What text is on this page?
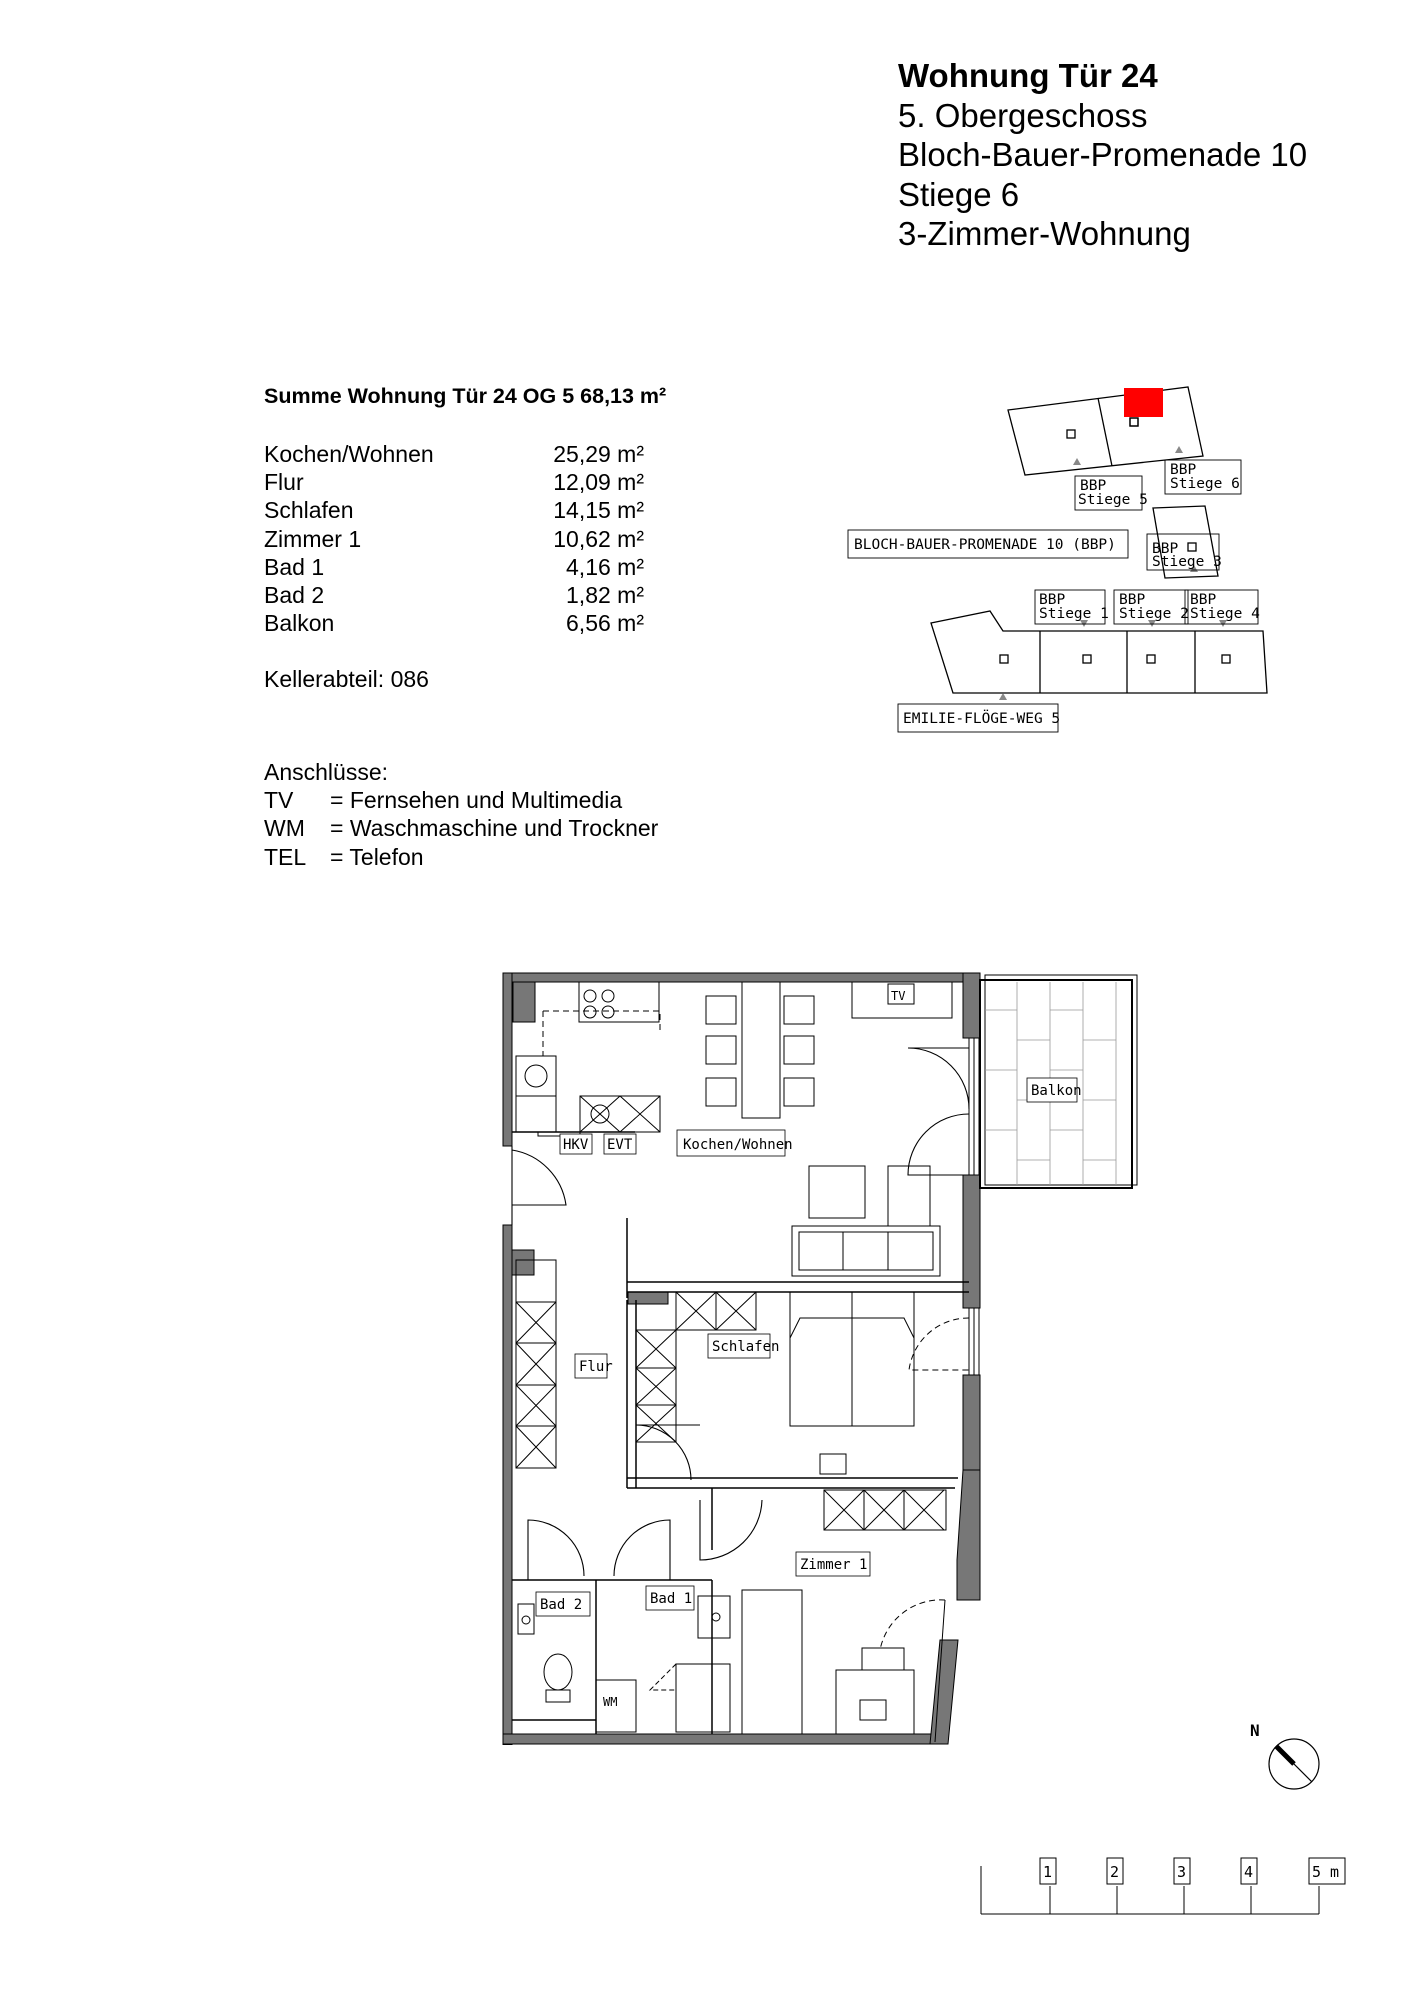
Wohnung Tür 24
5. Obergeschoss
Bloch-Bauer-Promenade 10
Stiege 6
3-Zimmer-Wohnung
Summe Wohnung Tür 24 OG 5 68,13 m²
Kochen/Wohnen	25,29 m²
Flur	12,09 m²
Schlafen	14,15 m²
Zimmer 1	10,62 m²
Bad 1	4,16 m²
Bad 2	1,82 m²
Balkon	6,56 m²
Kellerabteil: 086
Anschlüsse:
TV = Fernsehen und Multimedia
WM = Waschmaschine und Trockner
TEL = Telefon
BBP
Stiege 5
BBP
Stiege 6
BLOCH-BAUER-PROMENADE 10 (BBP) BBP
Stiege 3
BBP
Stiege 1
BBP
Stiege 2
BBP
Stiege 4
EMILIE-FLÖGE-WEG 5
HKV EVT	Kochen/Wohnen
Balkon
Schlafen
Flur
Zimmer 1
Bad 1
Bad 2
TV
WM
N
1	2	3	4	5 m
